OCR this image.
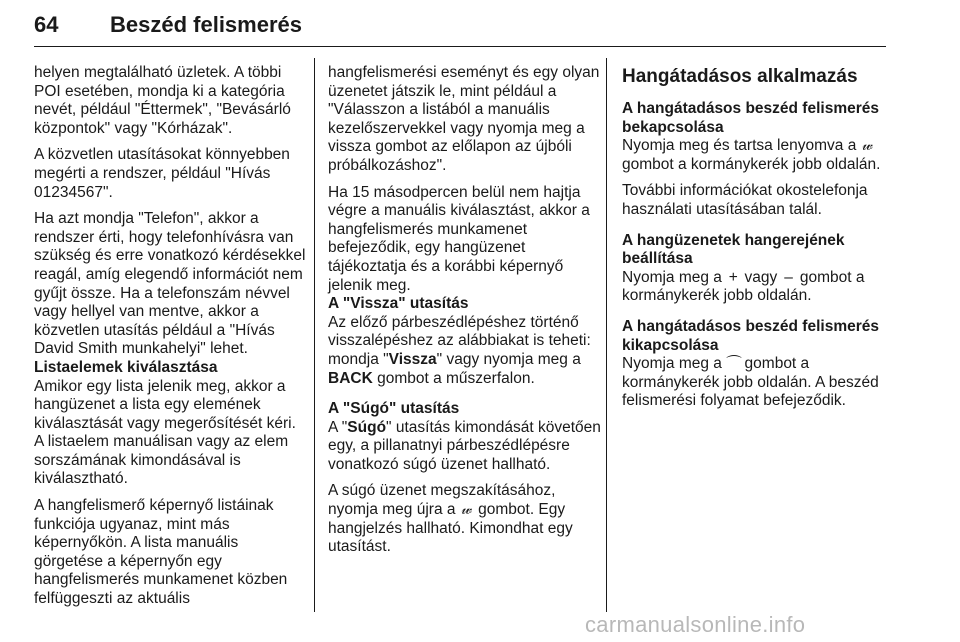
64 Beszéd felismerés

helyen megtalálható üzletek. A többi POI esetében, mondja ki a kategória nevét, például "Éttermek", "Bevásárló központok" vagy "Kórházak".

A közvetlen utasításokat könnyebben megérti a rendszer, például "Hívás 01234567".

Ha azt mondja "Telefon", akkor a rendszer érti, hogy telefonhívásra van szükség és erre vonatkozó kérdésekkel reagál, amíg elegendő információt nem gyűjt össze. Ha a telefonszám névvel vagy hellyel van mentve, akkor a közvetlen utasítás például a "Hívás David Smith munkahelyi" lehet.

Listaelemek kiválasztása

Amikor egy lista jelenik meg, akkor a hangüzenet a lista egy elemének kiválasztását vagy megerősítését kéri. A listaelem manuálisan vagy az elem sorszámának kimondásával is kiválasztható.

A hangfelismerő képernyő listáinak funkciója ugyanaz, mint más képernyőkön. A lista manuális görgetése a képernyőn egy hangfelismerés munkamenet közben felfüggeszti az aktuális

hangfelismerési eseményt és egy olyan üzenetet játszik le, mint például a "Válasszon a listából a manuális kezelőszervekkel vagy nyomja meg a vissza gombot az előlapon az újbóli próbálkozáshoz".

Ha 15 másodpercen belül nem hajtja végre a manuális kiválasztást, akkor a hangfelismerés munkamenet befejeződik, egy hangüzenet tájékoztatja és a korábbi képernyő jelenik meg.

A "Vissza" utasítás

Az előző párbeszédlépéshez történő visszalépéshez az alábbiakat is teheti: mondja "Vissza" vagy nyomja meg a BACK gombot a műszerfalon.

A "Súgó" utasítás

A "Súgó" utasítás kimondását követően egy, a pillanatnyi párbeszédlépésre vonatkozó súgó üzenet hallható.

A súgó üzenet megszakításához, nyomja meg újra a 𝓌 gombot. Egy hangjelzés hallható. Kimondhat egy utasítást.

Hangátadásos alkalmazás
A hangátadásos beszéd felismerés bekapcsolása

Nyomja meg és tartsa lenyomva a 𝓌 gombot a kormánykerék jobb oldalán.

További információkat okostelefonja használati utasításában talál.

A hangüzenetek hangerejének beállítása

Nyomja meg a + vagy – gombot a kormánykerék jobb oldalán.

A hangátadásos beszéd felismerés kikapcsolása

Nyomja meg a ⌒ gombot a kormánykerék jobb oldalán. A beszéd felismerési folyamat befejeződik.

carmanualsonline.info
